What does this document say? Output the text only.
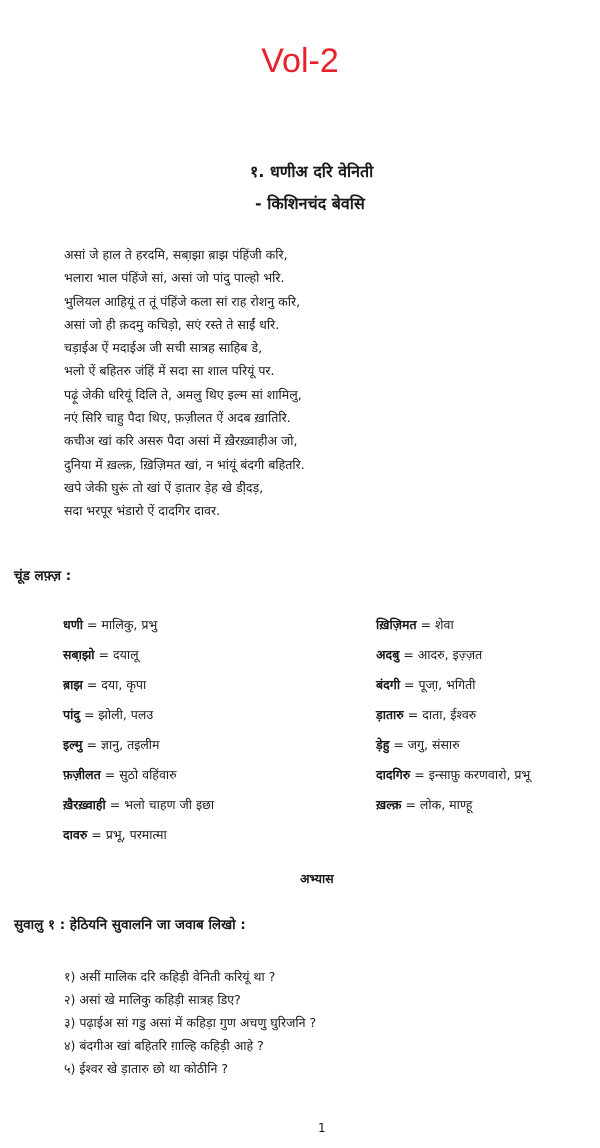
Vol-2
१. धणीअ दरि वेनिती
- किशिनचंद बेवसि
असां जे हाल ते हरदमि, सबा़झा ब़ाझ पंहिंजी करि,
भलारा भाल पंहिंजे सां, असां जो पांदु पाल्हो भरि.
भुलियल आहियूं त तूं पंहिंजे कला सां राह रोशनु करि,
असां जो ही क़दमु कचिड़ो, सएं रस्ते ते साईं धरि.
चड़ाईअ ऐं मदाईअ जी सची सात्रह साहिब डे,
भलो ऐं बहितरु जंहिं में सदा सा शाल परियूं पर.
पढ़ूं जेकी धरियूं दिलि ते, अमलु थिए इल्म सां शामिलु,
नएं सिरि चाहु पैदा थिए, फ़ज़ीलत ऐं अदब ख़ातिरि.
कचीअ खां करि असरु पैदा असां में ख़ैरख़्वाहीअ जो,
दुनिया में ख़ल्क़, ख़िज़िमत खां, न भांयूं बंदगी बहितरि.
खपे जेकी घुरूं तो खां ऐं ड़ातार डे़ह खे डी़ंदड़,
सदा भरपूर भंडारो ऐं दादगिर दावर.
चूंड लफ़्ज़ :
धणी = मालिकु, प्रभु
सबा़झो = दयालू
ब़ाझ = दया, कृपा
पांदु = झोली, पलउ
इल्मु = ज्ञानु, तइलीम
फ़ज़ीलत = सुठो वहिंवारु
ख़ैरख़्वाही = भलो चाहण जी इछा
दावरु = प्रभू, परमात्मा
ख़िज़िमत = शेवा
अदबु = आदरु, इज़्ज़त
बंदगी = पूजा़, भगिती
ड़ातारु = दाता, ईश्वरु
डे़हु = जगु, संसारु
दादगिरु = इन्साफ़ु करणवारो, प्रभू
ख़ल्क़ = लोक, माण्हू
अभ्यास
सुवालु १ : हेठियनि सुवालनि जा जवाब लिखो :
१) असीं मालिक दरि कहिड़ी वेनिती करियूं था ?
२) असां खे मालिकु कहिड़ी सात्रह डिए?
३) पढ़ाईअ सां गडु असां में कहिड़ा गुण अचणु घुरिजनि ?
४) बंदगीअ खां बहितरि ग़ाल्हि कहिड़ी आहे ?
५) ईश्वर खे ड़ातारु छो था कोठीनि ?
1
